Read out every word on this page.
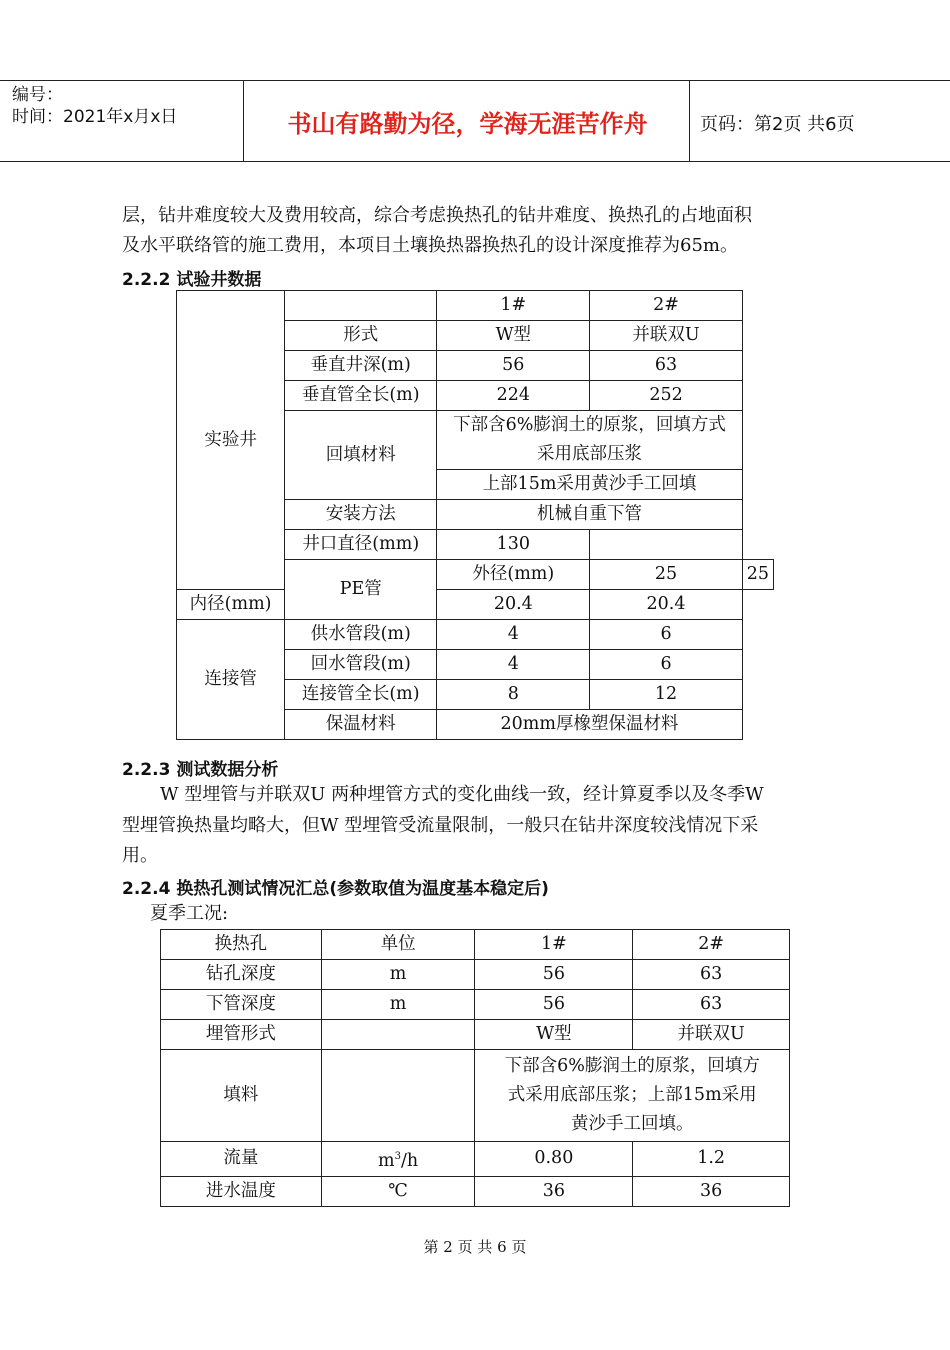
编号：
时间：2021年x月x日	书山有路勤为径，学海无涯苦作舟	页码：第2页 共6页
层，钻井难度较大及费用较高，综合考虑换热孔的钻井难度、换热孔的占地面积
及水平联络管的施工费用，本项目土壤换热器换热孔的设计深度推荐为65m。
2.2.2 试验井数据
实验井		1#	2#	
	形式	W型	并联双U	
	垂直井深(m)	56	63	
	垂直管全长(m)	224	252	
	回填材料	下部含6%膨润土的原浆，回填方式采用底部压浆		
		上部15m采用黄沙手工回填		
	安装方法	机械自重下管		
	井口直径(mm)	130		
	PE管	外径(mm)	25	25
内径(mm)		20.4	20.4	
连接管	供水管段(m)	4	6	
	回水管段(m)	4	6	
	连接管全长(m)	8	12	
	保温材料	20mm厚橡塑保温材料		
2.2.3 测试数据分析
W 型埋管与并联双U 两种埋管方式的变化曲线一致，经计算夏季以及冬季W
型埋管换热量均略大，但W 型埋管受流量限制，一般只在钻井深度较浅情况下采
用。
2.2.4 换热孔测试情况汇总(参数取值为温度基本稳定后)
夏季工况:
换热孔	单位	1#	2#
钻孔深度	m	56	63
下管深度	m	56	63
埋管形式		W型	并联双U
填料		下部含6%膨润土的原浆，回填方
式采用底部压浆；上部15m采用
黄沙手工回填。	

流量	$m^3/h$	0.80	1.2
进水温度	℃	36	36
第 2 页 共 6 页
